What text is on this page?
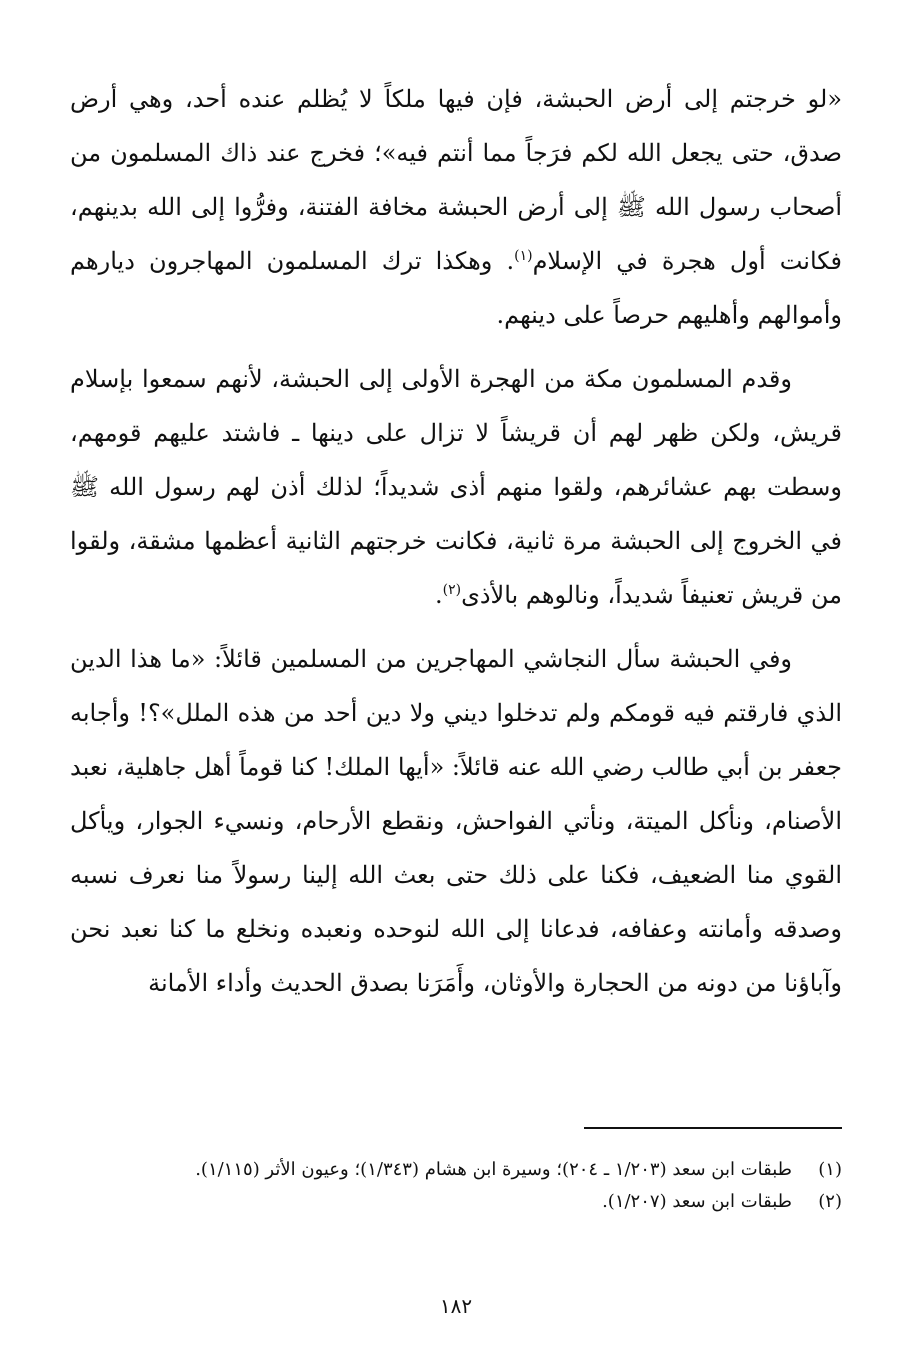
«لو خرجتم إلى أرض الحبشة، فإن فيها ملكاً لا يُظلم عنده أحد، وهي أرض صدق، حتى يجعل الله لكم فرَجاً مما أنتم فيه»؛ فخرج عند ذاك المسلمون من أصحاب رسول الله ﷺ إلى أرض الحبشة مخافة الفتنة، وفرُّوا إلى الله بدينهم، فكانت أول هجرة في الإسلام$^{(١)}$. وهكذا ترك المسلمون المهاجرون ديارهم وأموالهم وأهليهم حرصاً على دينهم.

وقدم المسلمون مكة من الهجرة الأولى إلى الحبشة، لأنهم سمعوا بإسلام قريش، ولكن ظهر لهم أن قريشاً لا تزال على دينها ـ فاشتد عليهم قومهم، وسطت بهم عشائرهم، ولقوا منهم أذى شديداً؛ لذلك أذن لهم رسول الله ﷺ في الخروج إلى الحبشة مرة ثانية، فكانت خرجتهم الثانية أعظمها مشقة، ولقوا من قريش تعنيفاً شديداً، ونالوهم بالأذى$^{(٢)}$.

وفي الحبشة سأل النجاشي المهاجرين من المسلمين قائلاً: «ما هذا الدين الذي فارقتم فيه قومكم ولم تدخلوا ديني ولا دين أحد من هذه الملل»؟! وأجابه جعفر بن أبي طالب رضي الله عنه قائلاً: «أيها الملك! كنا قوماً أهل جاهلية، نعبد الأصنام، ونأكل الميتة، ونأتي الفواحش، ونقطع الأرحام، ونسيء الجوار، ويأكل القوي منا الضعيف، فكنا على ذلك حتى بعث الله إلينا رسولاً منا نعرف نسبه وصدقه وأمانته وعفافه، فدعانا إلى الله لنوحده ونعبده ونخلع ما كنا نعبد نحن وآباؤنا من دونه من الحجارة والأوثان، وأَمَرَنا بصدق الحديث وأداء الأمانة

(١)
طبقات ابن سعد (١/٢٠٣ ـ ٢٠٤)؛ وسيرة ابن هشام (١/٣٤٣)؛ وعيون الأثر (١/١١٥).
(٢)
طبقات ابن سعد (١/٢٠٧).
١٨٢
